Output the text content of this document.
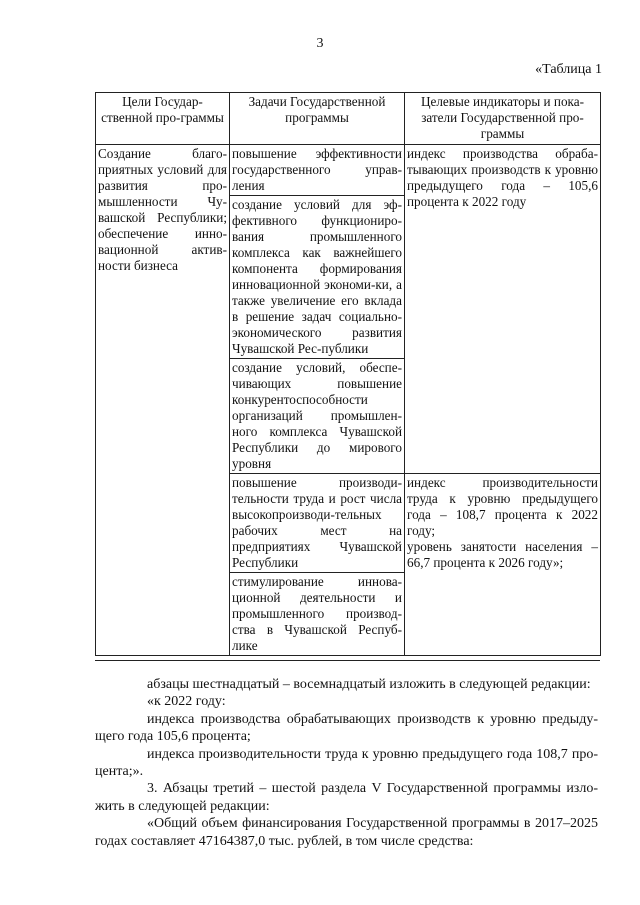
3
«Таблица 1
Цели Государ-ственной про-граммы	Задачи Государственной программы	Целевые индикаторы и пока-затели Государственной про-граммы
Создание благо-приятных условий для развития про-мышленности Чу-вашской Республики; обеспечение инно-вационной актив-ности бизнеса	повышение эффективности государственного управ-ления	индекс производства обраба-тывающих производств к уровню предыдущего года – 105,6 процента к 2022 году
	создание условий для эф-фективного функциониро-вания промышленного комплекса как важнейшего компонента формирования инновационной экономи-ки, а также увеличение его вклада в решение задач социально-экономического развития Чувашской Рес-публики	
	создание условий, обеспе-чивающих повышение конкурентоспособности организаций промышлен-ного комплекса Чувашской Республики до мирового уровня	
	повышение производи-тельности труда и рост числа высокопроизводи-тельных рабочих мест на предприятиях Чувашской Республики	индекс производительности труда к уровню предыдущего года – 108,7 процента к 2022 году;
уровень занятости населения – 66,7 процента к 2026 году»;

	стимулирование иннова-ционной деятельности и промышленного производ-ства в Чувашской Респуб-лике	

абзацы шестнадцатый – восемнадцатый изложить в следующей редакции:

«к 2022 году:

индекса производства обрабатывающих производств к уровню предыду-щего года 105,6 процента;

индекса производительности труда к уровню предыдущего года 108,7 про-цента;».

3. Абзацы третий – шестой раздела V Государственной программы изло-жить в следующей редакции:

«Общий объем финансирования Государственной программы в 2017–2025 годах составляет 47164387,0 тыс. рублей, в том числе средства:
